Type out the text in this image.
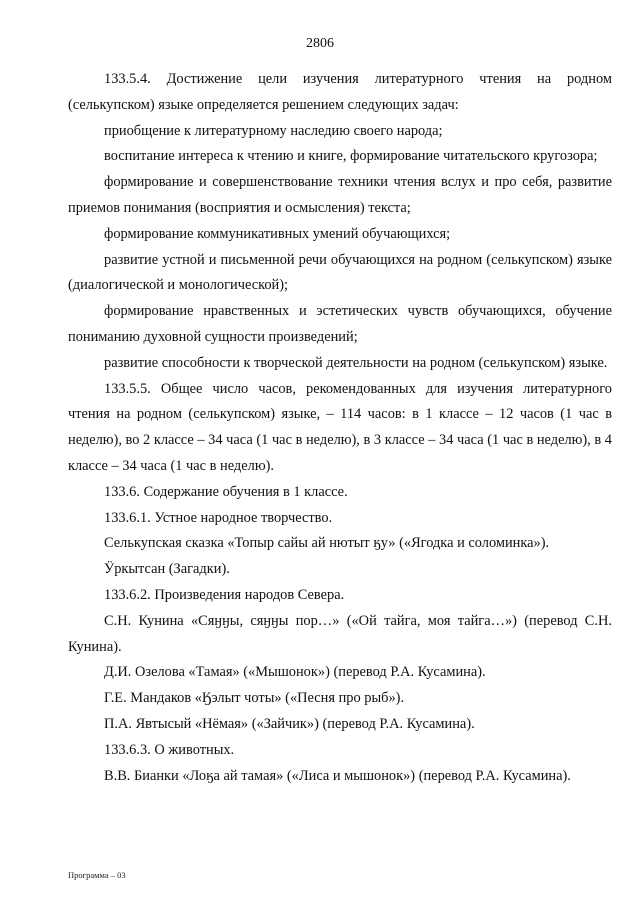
2806

133.5.4. Достижение цели изучения литературного чтения на родном (селькупском) языке определяется решением следующих задач:

приобщение к литературному наследию своего народа;

воспитание интереса к чтению и книге, формирование читательского кругозора;

формирование и совершенствование техники чтения вслух и про себя, развитие приемов понимания (восприятия и осмысления) текста;

формирование коммуникативных умений обучающихся;

развитие устной и письменной речи обучающихся на родном (селькупском) языке (диалогической и монологической);

формирование нравственных и эстетических чувств обучающихся, обучение пониманию духовной сущности произведений;

развитие способности к творческой деятельности на родном (селькупском) языке.

133.5.5. Общее число часов, рекомендованных для изучения литературного чтения на родном (селькупском) языке, – 114 часов: в 1 классе – 12 часов (1 час в неделю), во 2 классе – 34 часа (1 час в неделю), в 3 классе – 34 часа (1 час в неделю), в 4 классе – 34 часа (1 час в неделю).

133.6. Содержание обучения в 1 классе.

133.6.1. Устное народное творчество.

Селькупская сказка «Топыр сайы ай нютыт ӄу» («Ягодка и соломинка»).

Ӱркытсан (Загадки).

133.6.2. Произведения народов Севера.

С.Н. Кунина «Сяӈӈы, сяӈӈы пор…» («Ой тайга, моя тайга…») (перевод С.Н. Кунина).

Д.И. Озелова «Тамая» («Мышонок») (перевод Р.А. Кусамина).

Г.Е. Мандаков «Ӄэлыт чоты» («Песня про рыб»).

П.А. Явтысый «Нёмая» («Зайчик») (перевод Р.А. Кусамина).

133.6.3. О животных.

В.В. Бианки «Лоӄа ай тамая» («Лиса и мышонок») (перевод Р.А. Кусамина).

Программа – 03
